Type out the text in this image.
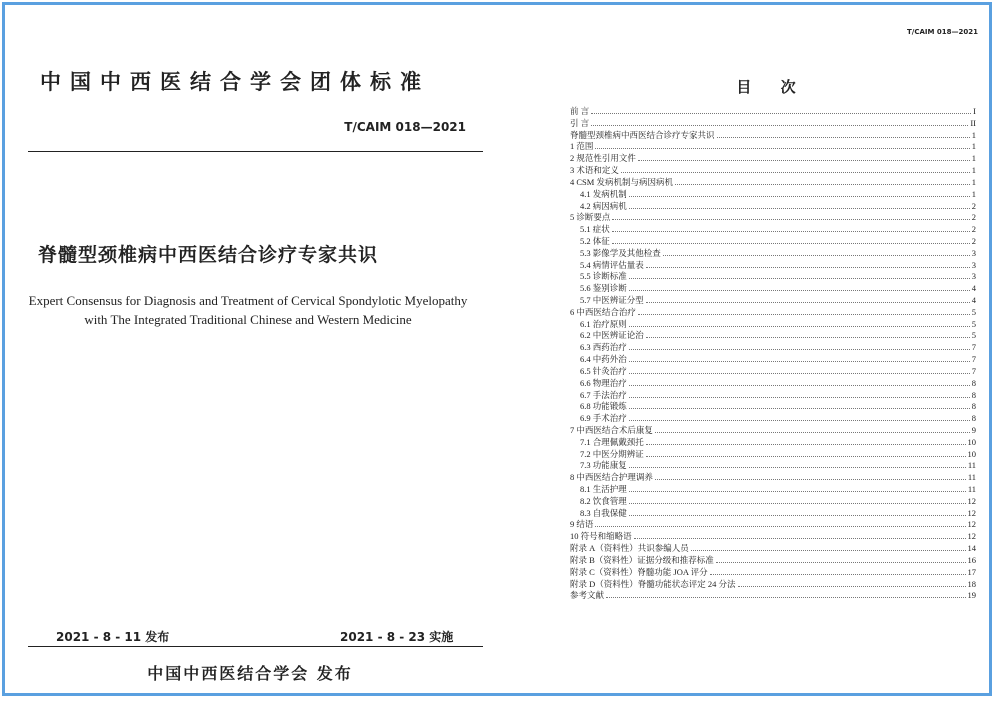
中国中西医结合学会团体标准
T/CAIM 018—2021
脊髓型颈椎病中西医结合诊疗专家共识
Expert Consensus for Diagnosis and Treatment of Cervical Spondylotic Myelopathy
with The Integrated Traditional Chinese and Western Medicine
2021 - 8 - 11 发布	2021 - 8 - 23 实施
中国中西医结合学会 发布
T/CAIM 018—2021
目 次
前 言	I
引 言	II
脊髓型颈椎病中西医结合诊疗专家共识	1
1 范围	1
2 规范性引用文件	1
3 术语和定义	1
4 CSM 发病机制与病因病机	1
4.1 发病机制	1
4.2 病因病机	2
5 诊断要点	2
5.1 症状	2
5.2 体征	2
5.3 影像学及其他检查	3
5.4 病情评估量表	3
5.5 诊断标准	3
5.6 鉴别诊断	4
5.7 中医辨证分型	4
6 中西医结合治疗	5
6.1 治疗原则	5
6.2 中医辨证论治	5
6.3 西药治疗	7
6.4 中药外治	7
6.5 针灸治疗	7
6.6 物理治疗	8
6.7 手法治疗	8
6.8 功能锻炼	8
6.9 手术治疗	8
7 中西医结合术后康复	9
7.1 合理佩戴颈托	10
7.2 中医分期辨证	10
7.3 功能康复	11
8 中西医结合护理调养	11
8.1 生活护理	11
8.2 饮食管理	12
8.3 自我保健	12
9 结语	12
10 符号和缩略语	12
附录 A（资料性）共识参编人员	14
附录 B（资料性）证据分级和推荐标准	16
附录 C（资料性）脊髓功能 JOA 评分	17
附录 D（资料性）脊髓功能状态评定 24 分法	18
参考文献	19
